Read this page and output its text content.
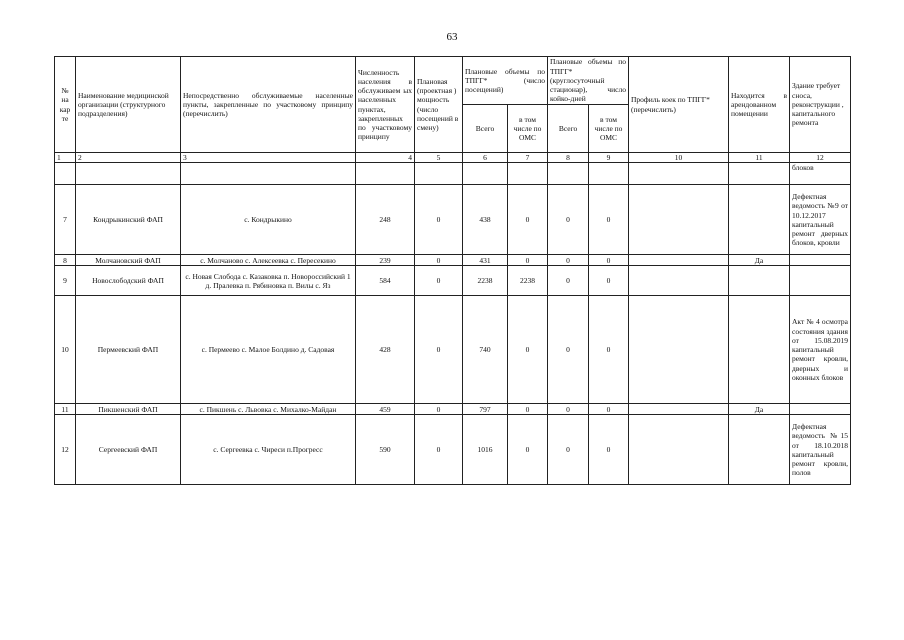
63
№ на кар те	Наименование медицинской организации (структурного подразделения)	Непосредственно обслуживаемые населенные пункты, закрепленные по участковому принципу (перечислить)	Численность населения в обслуживаем ых населенных пунктах, закрепленных по участковому принципу	Плановая (проектная ) мощность (число посещений в смену)	Плановые объемы по ТПГГ* (число посещений)		Плановые объемы по ТПГГ* (круглосуточный стационар), число койко-дней		Профиль коек по ТПГГ* (перечислить)	Находится в арендованном помещении	Здание требует сноса, реконструкции , капитального ремонта
					Всего	в том числе по ОМС	Всего	в том числе по ОМС			
1	2	3	4	5	6	7	8	9	10	11	12
											блоков
7	Кондрыкинский ФАП	с. Кондрыкино	248	0	438	0	0	0			Дефектная ведомость №9 от 10.12.2017 капитальный ремонт дверных блоков, кровли
8	Молчановский ФАП	с. Молчаново с. Алексеевка с. Пересекино	239	0	431	0	0	0		Да	
9	Новослободский ФАП	с. Новая Слобода с. Казаковка п. Новороссийский 1 д. Пралевка п. Рябиновка п. Вилы с. Яз	584	0	2238	2238	0	0			
10	Пермеевский ФАП	с. Пермеево с. Малое Болдино д. Садовая	428	0	740	0	0	0			Акт № 4 осмотра состояния здания от 15.08.2019 капитальный ремонт кровли, дверных и оконных блоков
11	Пикшенский ФАП	с. Пикшень с. Львовка с. Михалко-Майдан	459	0	797	0	0	0		Да	
12	Сергеевский ФАП	с. Сергеевка с. Чиреси п.Прогресс	590	0	1016	0	0	0			Дефектная ведомость №15 от 18.10.2018 капитальный ремонт кровли, полов
